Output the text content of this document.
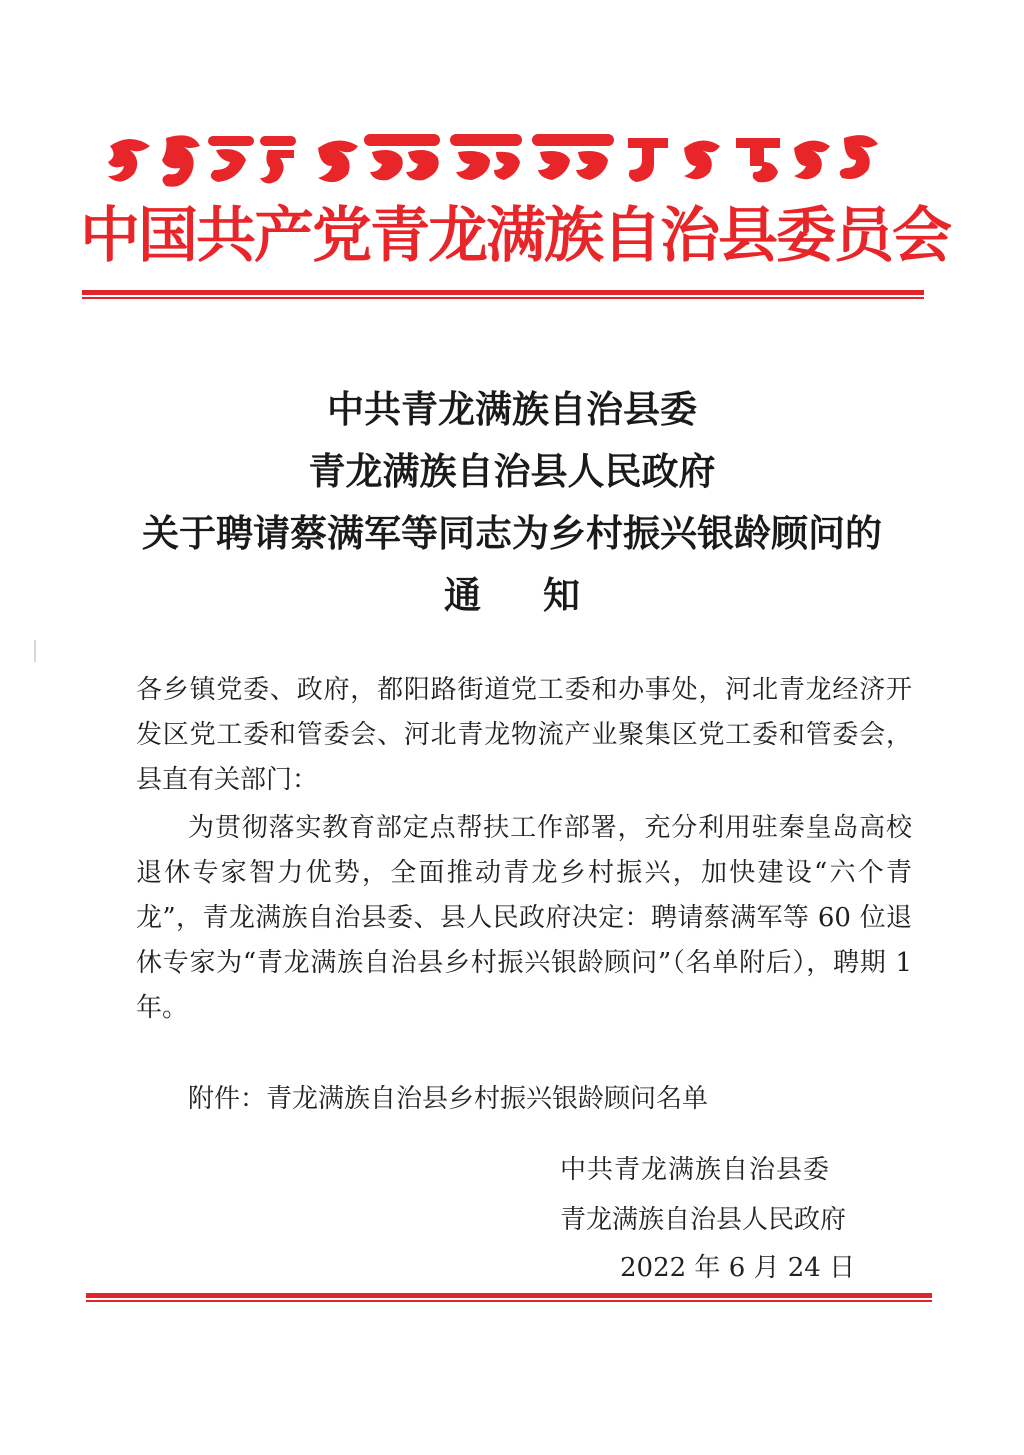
中国共产党青龙满族自治县委员会
中共青龙满族自治县委
青龙满族自治县人民政府
关于聘请蔡满军等同志为乡村振兴银龄顾问的
通知
各乡镇党委、政府，都阳路街道党工委和办事处，河北青龙经济开发区党工委和管委会、河北青龙物流产业聚集区党工委和管委会，县直有关部门：
为贯彻落实教育部定点帮扶工作部署，充分利用驻秦皇岛高校退休专家智力优势，全面推动青龙乡村振兴，加快建设“六个青龙”，青龙满族自治县委、县人民政府决定：聘请蔡满军等 60 位退休专家为“青龙满族自治县乡村振兴银龄顾问”（名单附后），聘期 1 年。
附件：青龙满族自治县乡村振兴银龄顾问名单
中共青龙满族自治县委
青龙满族自治县人民政府
2022 年 6 月 24 日
